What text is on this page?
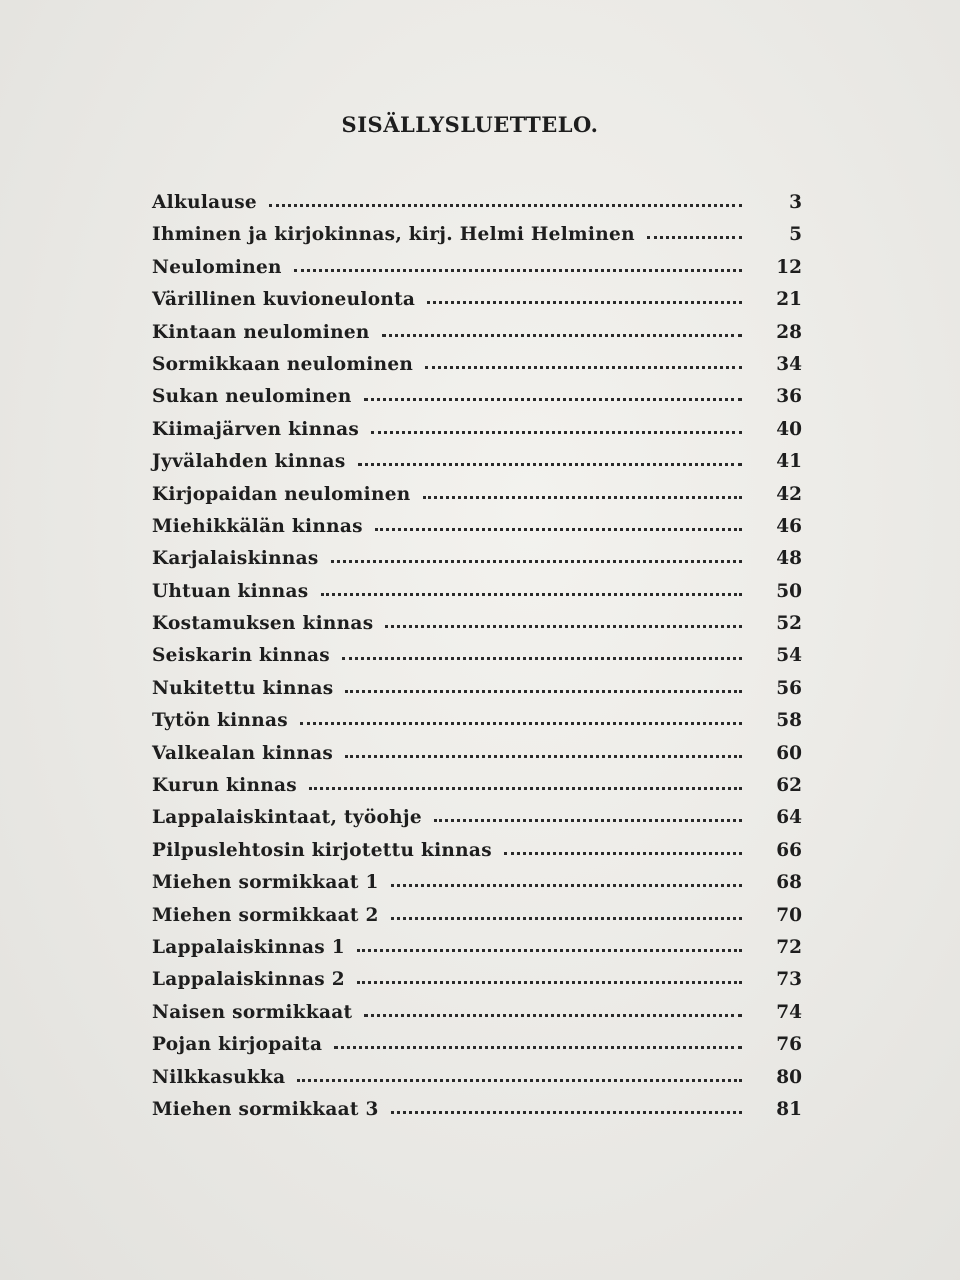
SISÄLLYSLUETTELO.
Alkulause	3
Ihminen ja kirjokinnas, kirj. Helmi Helminen	5
Neulominen	12
Värillinen kuvioneulonta	21
Kintaan neulominen	28
Sormikkaan neulominen	34
Sukan neulominen	36
Kiimajärven kinnas	40
Jyvälahden kinnas	41
Kirjopaidan neulominen	42
Miehikkälän kinnas	46
Karjalaiskinnas	48
Uhtuan kinnas	50
Kostamuksen kinnas	52
Seiskarin kinnas	54
Nukitettu kinnas	56
Tytön kinnas	58
Valkealan kinnas	60
Kurun kinnas	62
Lappalaiskintaat, työohje	64
Pilpuslehtosin kirjotettu kinnas	66
Miehen sormikkaat 1	68
Miehen sormikkaat 2	70
Lappalaiskinnas 1	72
Lappalaiskinnas 2	73
Naisen sormikkaat	74
Pojan kirjopaita	76
Nilkkasukka	80
Miehen sormikkaat 3	81
